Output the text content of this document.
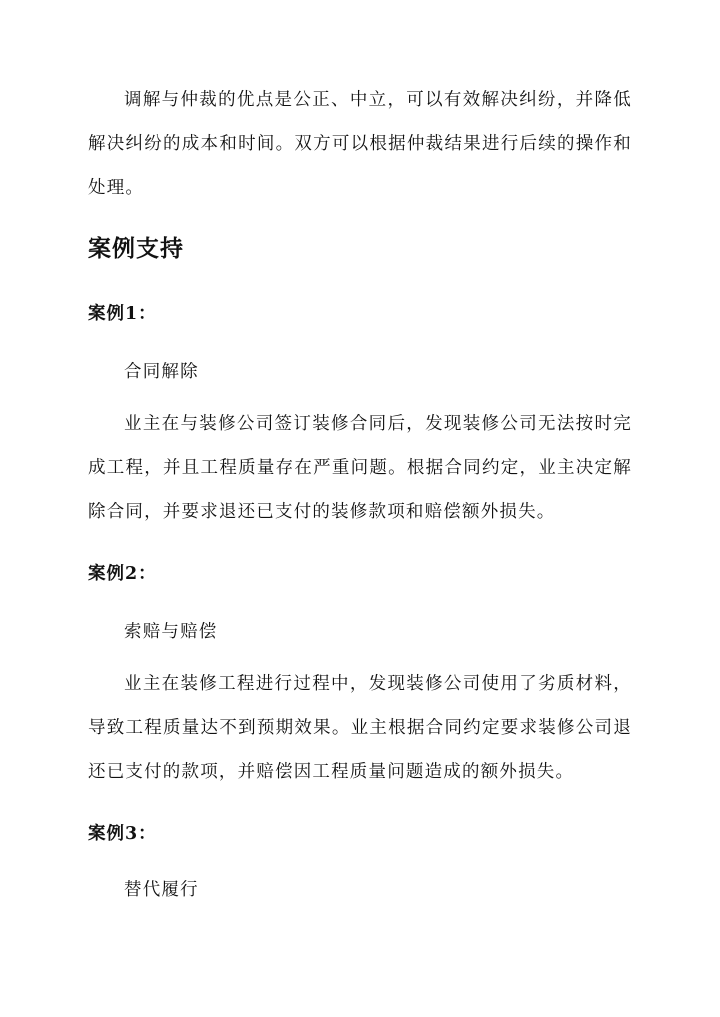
调解与仲裁的优点是公正、中立，可以有效解决纠纷，并降低解决纠纷的成本和时间。双方可以根据仲裁结果进行后续的操作和处理。

案例支持
案例1：

合同解除

业主在与装修公司签订装修合同后，发现装修公司无法按时完成工程，并且工程质量存在严重问题。根据合同约定，业主决定解除合同，并要求退还已支付的装修款项和赔偿额外损失。

案例2：

索赔与赔偿

业主在装修工程进行过程中，发现装修公司使用了劣质材料，导致工程质量达不到预期效果。业主根据合同约定要求装修公司退还已支付的款项，并赔偿因工程质量问题造成的额外损失。

案例3：

替代履行
